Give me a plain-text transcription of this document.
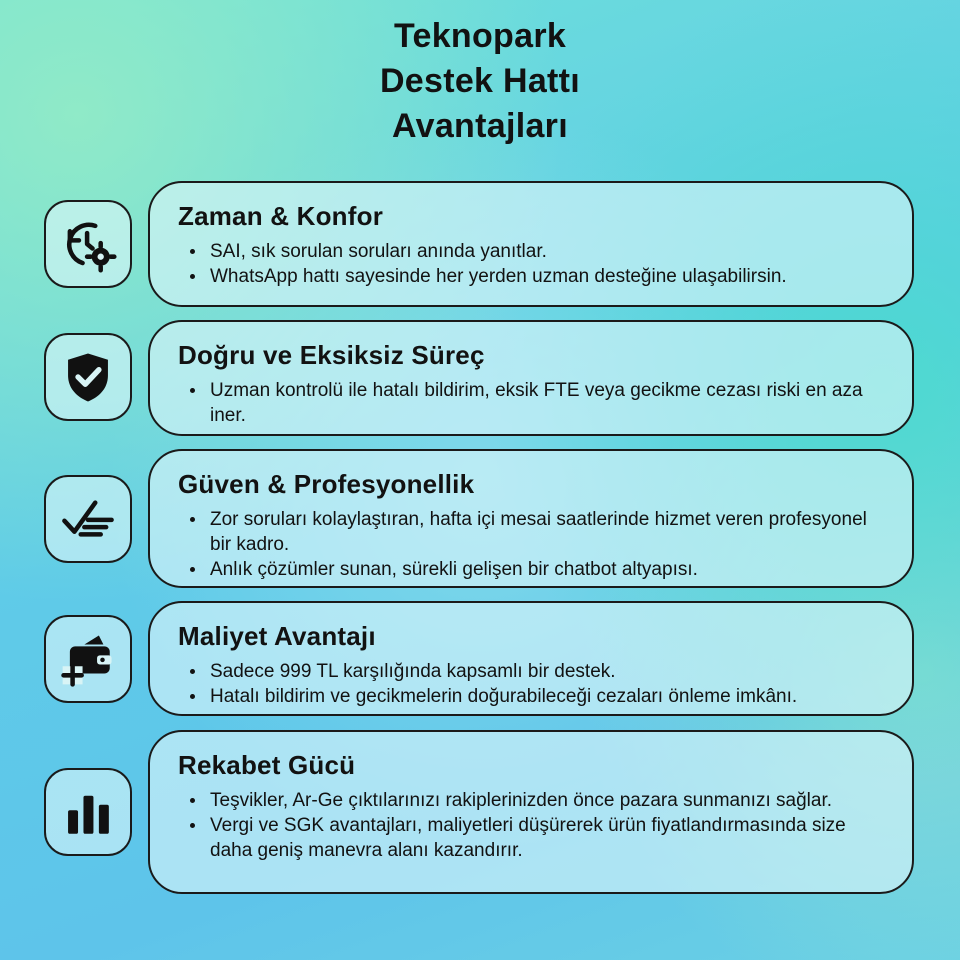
Teknopark
Destek Hattı
Avantajları
Zaman & Konfor
SAI, sık sorulan soruları anında yanıtlar.
WhatsApp hattı sayesinde her yerden uzman desteğine ulaşabilirsin.
Doğru ve Eksiksiz Süreç
Uzman kontrolü ile hatalı bildirim, eksik FTE veya gecikme cezası riski en aza iner.
Güven & Profesyonellik
Zor soruları kolaylaştıran, hafta içi mesai saatlerinde hizmet veren profesyonel bir kadro.
Anlık çözümler sunan, sürekli gelişen bir chatbot altyapısı.
Maliyet Avantajı
Sadece 999 TL karşılığında kapsamlı bir destek.
Hatalı bildirim ve gecikmelerin doğurabileceği cezaları önleme imkânı.
Rekabet Gücü
Teşvikler, Ar-Ge çıktılarınızı rakiplerinizden önce pazara sunmanızı sağlar.
Vergi ve SGK avantajları, maliyetleri düşürerek ürün fiyatlandırmasında size daha geniş manevra alanı kazandırır.
